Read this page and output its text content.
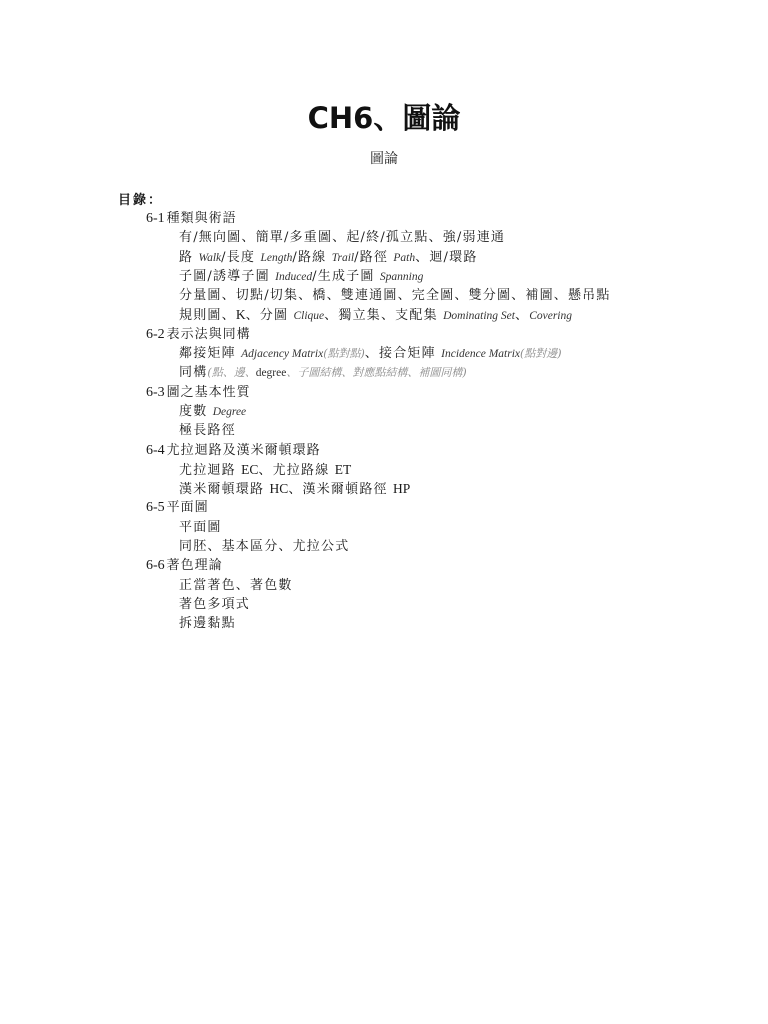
CH6、圖論
圖論
目錄：
6-1 種類與術語
有/無向圖、簡單/多重圖、起/終/孤立點、強/弱連通
路 Walk/長度 Length/路線 Trail/路徑 Path、迴/環路
子圖/誘導子圖 Induced/生成子圖 Spanning
分量圖、切點/切集、橋、雙連通圖、完全圖、雙分圖、補圖、懸吊點
規則圖、K、分圖 Clique、獨立集、支配集 Dominating Set、Covering
6-2 表示法與同構
鄰接矩陣 Adjacency Matrix(點對點)、接合矩陣 Incidence Matrix(點對邊)
同構(點、邊、degree、子圖結構、對應點結構、補圖同構)
6-3 圖之基本性質
度數 Degree
極長路徑
6-4 尤拉迴路及漢米爾頓環路
尤拉迴路 EC、尤拉路線 ET
漢米爾頓環路 HC、漢米爾頓路徑 HP
6-5 平面圖
平面圖
同胚、基本區分、尤拉公式
6-6 著色理論
正當著色、著色數
著色多項式
拆邊黏點
